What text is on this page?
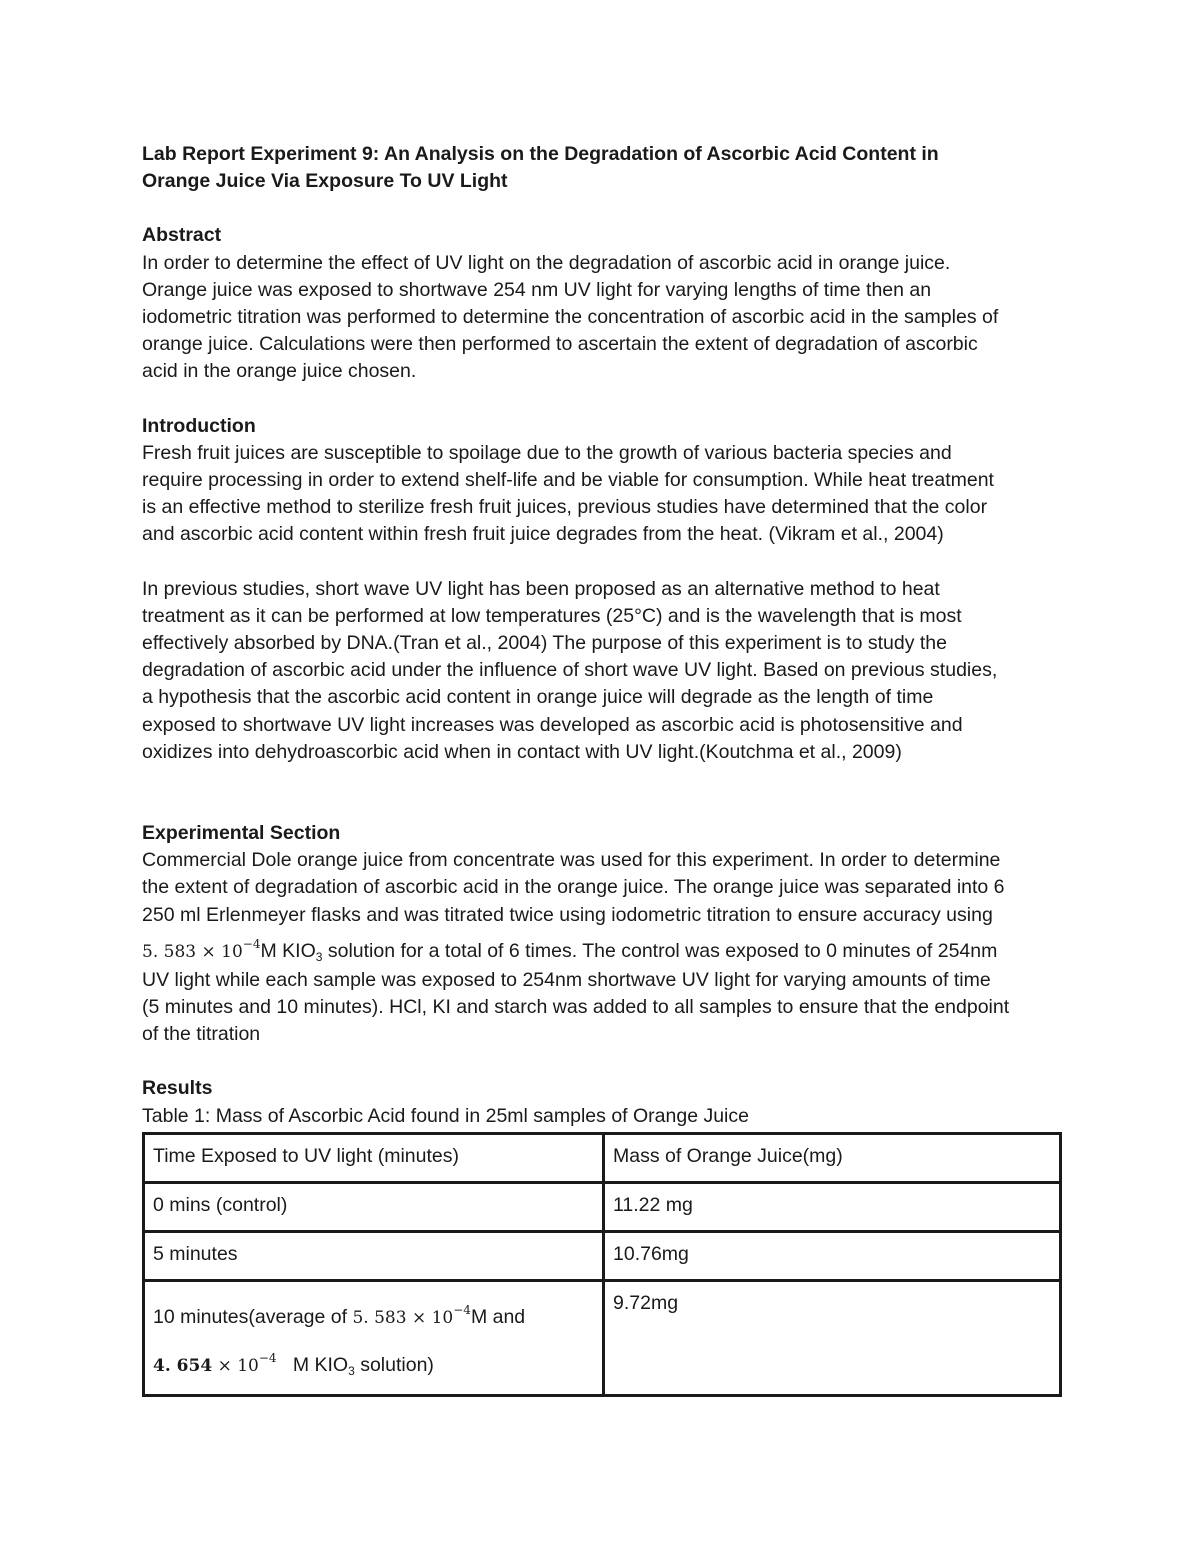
Lab Report Experiment 9: An Analysis on the Degradation of Ascorbic Acid Content in
Orange Juice Via Exposure To UV Light

Abstract

In order to determine the effect of UV light on the degradation of ascorbic acid in orange juice.
Orange juice was exposed to shortwave 254 nm UV light for varying lengths of time then an
iodometric titration was performed to determine the concentration of ascorbic acid in the samples of
orange juice. Calculations were then performed to ascertain the extent of degradation of ascorbic
acid in the orange juice chosen.

Introduction

Fresh fruit juices are susceptible to spoilage due to the growth of various bacteria species and
require processing in order to extend shelf-life and be viable for consumption. While heat treatment
is an effective method to sterilize fresh fruit juices, previous studies have determined that the color
and ascorbic acid content within fresh fruit juice degrades from the heat. (Vikram et al., 2004)

In previous studies, short wave UV light has been proposed as an alternative method to heat
treatment as it can be performed at low temperatures (25°C) and is the wavelength that is most
effectively absorbed by DNA.(Tran et al., 2004) The purpose of this experiment is to study the
degradation of ascorbic acid under the influence of short wave UV light. Based on previous studies,
a hypothesis that the ascorbic acid content in orange juice will degrade as the length of time
exposed to shortwave UV light increases was developed as ascorbic acid is photosensitive and
oxidizes into dehydroascorbic acid when in contact with UV light.(Koutchma et al., 2009)

Experimental Section

Commercial Dole orange juice from concentrate was used for this experiment. In order to determine
the extent of degradation of ascorbic acid in the orange juice. The orange juice was separated into 6
250 ml Erlenmeyer flasks and was titrated twice using iodometric titration to ensure accuracy using
5. $583 \times 10^{-4}M$ $KIO_3$ solution for a total of 6 times. The control was exposed to 0 minutes of 254nm
UV light while each sample was exposed to 254nm shortwave UV light for varying amounts of time
(5 minutes and 10 minutes). HCl, KI and starch was added to all samples to ensure that the endpoint
of the titration

Results

Table 1: Mass of Ascorbic Acid found in 25ml samples of Orange Juice

Time Exposed to UV light (minutes)	Mass of Orange Juice(mg)
0 mins (control)	11.22 mg
5 minutes	10.76mg

10 minutes(average of 5. $583 \times 10^{-4}M$ and
4. $654 \times 10^{-4}$ M $KIO_3$ solution)	9.72mg
